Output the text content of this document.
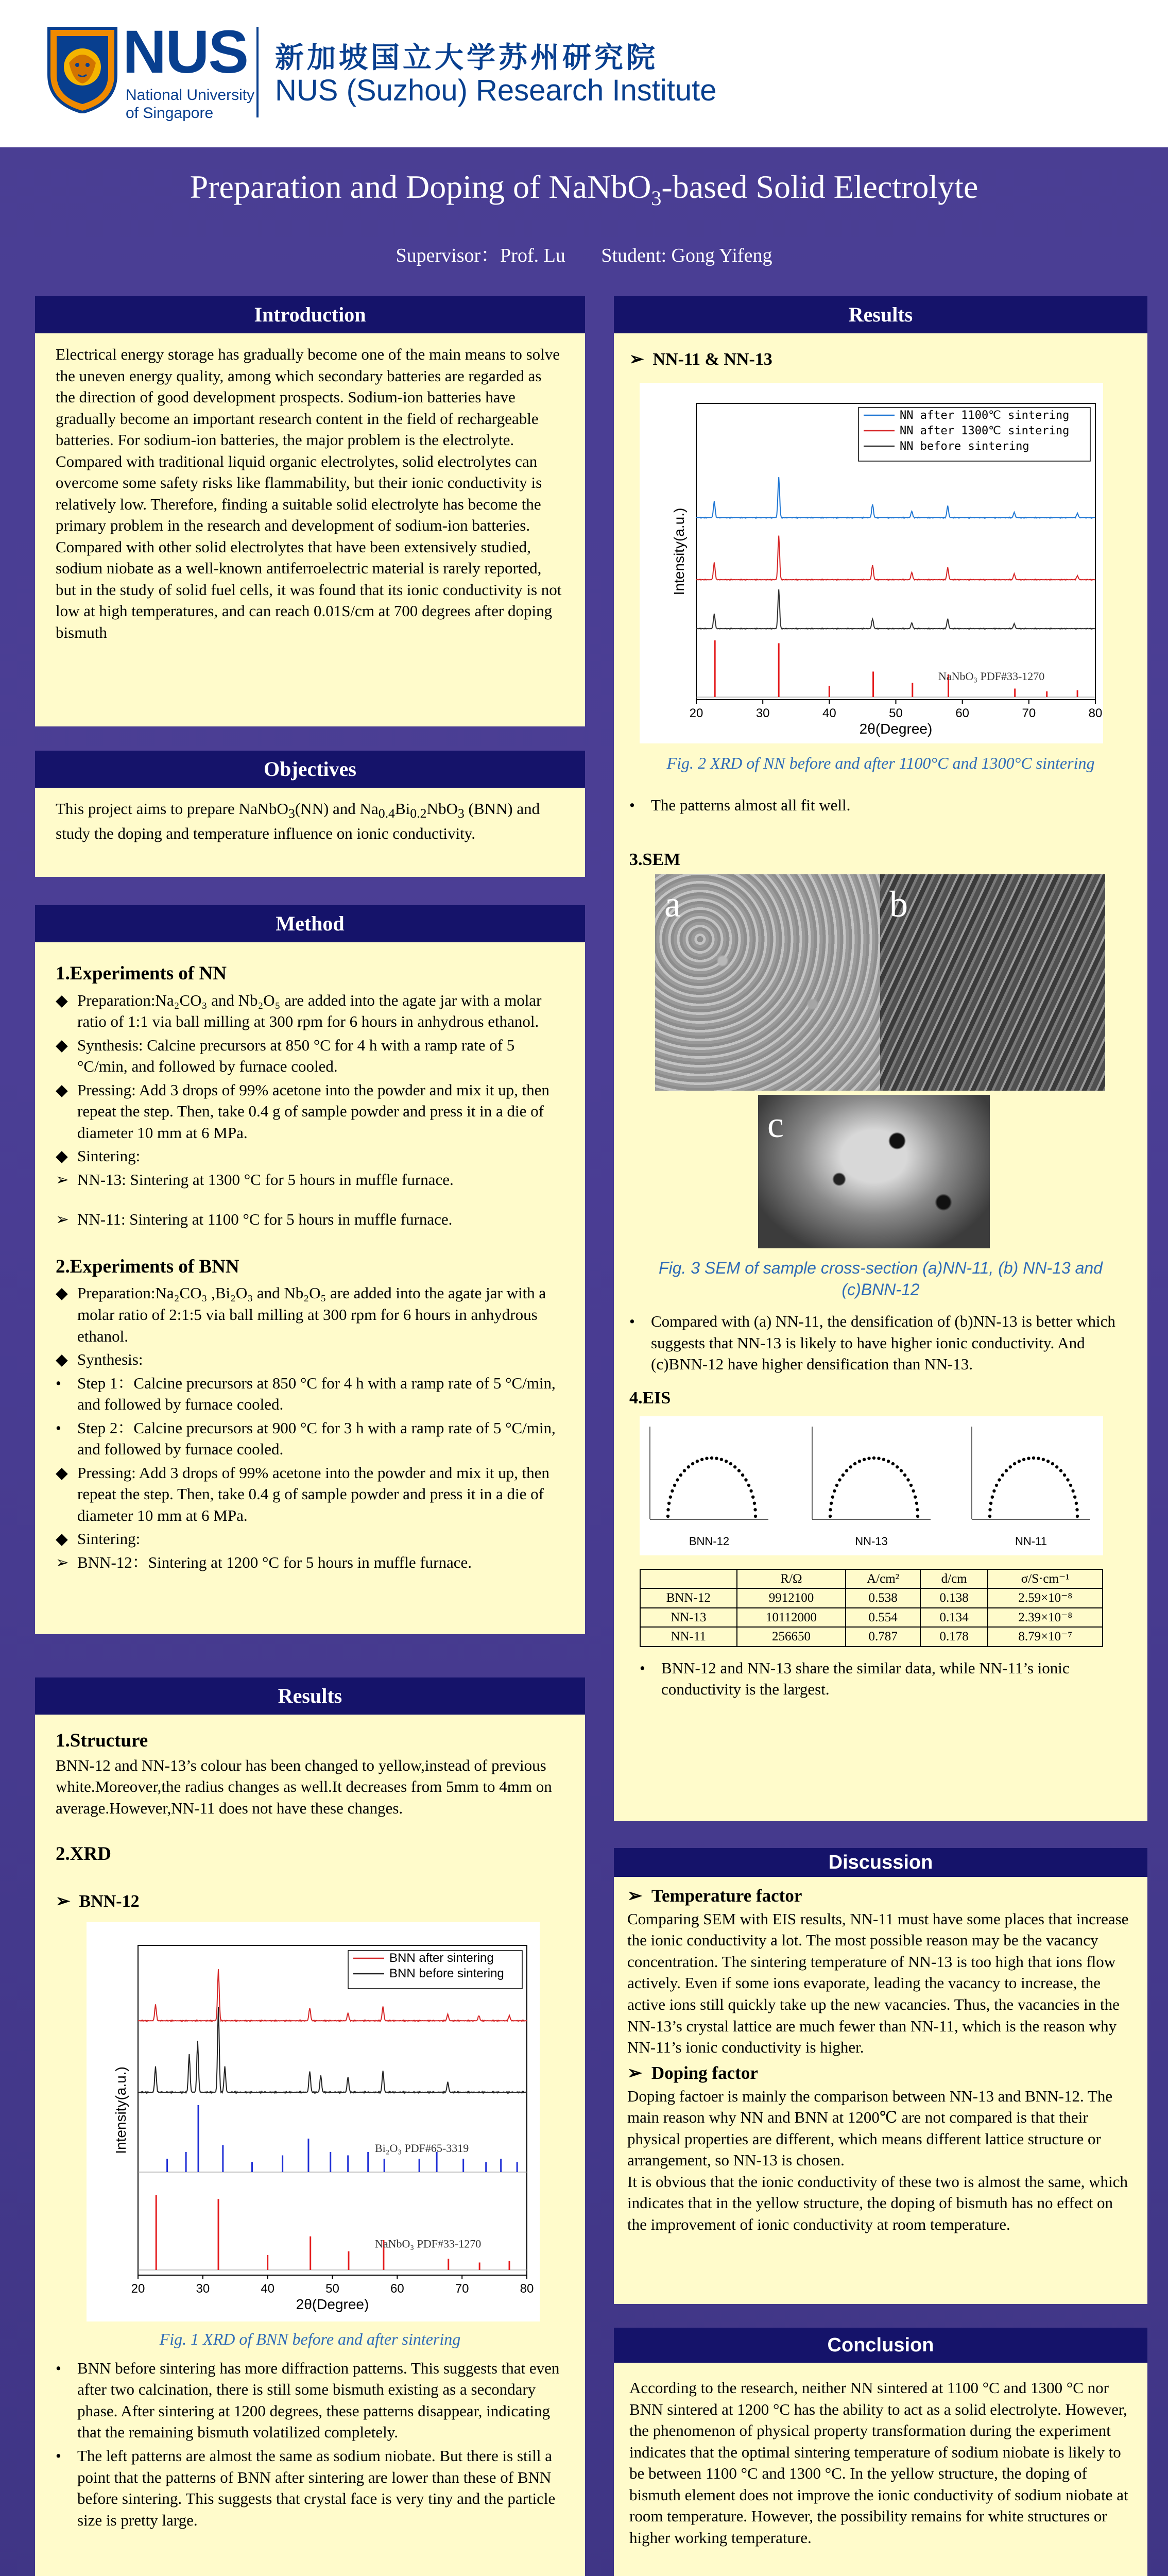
NUS
National University
of Singapore
新加坡国立大学苏州研究院
NUS (Suzhou) Research Institute
Preparation and Doping of NaNbO$_3$-based Solid Electrolyte
Supervisor：Prof. Lu Student: Gong Yifeng
Introduction

Electrical energy storage has gradually become one of the main means to solve the uneven energy quality, among which secondary batteries are regarded as the direction of good development prospects. Sodium-ion batteries have gradually become an important research content in the field of rechargeable batteries. For sodium-ion batteries, the major problem is the electrolyte. Compared with traditional liquid organic electrolytes, solid electrolytes can overcome some safety risks like flammability, but their ionic conductivity is relatively low. Therefore, finding a suitable solid electrolyte has become the primary problem in the research and development of sodium-ion batteries. Compared with other solid electrolytes that have been extensively studied, sodium niobate as a well-known antiferroelectric material is rarely reported, but in the study of solid fuel cells, it was found that its ionic conductivity is not low at high temperatures, and can reach 0.01S/cm at 700 degrees after doping bismuth

Objectives

This project aims to prepare NaNbO$_3$(NN) and $Na_{0.4}Bi_{0.2}NbO_3$ (BNN) and study the doping and temperature influence on ionic conductivity.

Method
1.Experiments of NN
◆ Preparation:Na₂CO₃ and Nb₂O₅ are added into the agate jar with a molar ratio of 1:1 via ball milling at 300 rpm for 6 hours in anhydrous ethanol.
◆ Synthesis: Calcine precursors at 850 °C for 4 h with a ramp rate of 5 °C/min, and followed by furnace cooled.
◆ Pressing: Add 3 drops of 99% acetone into the powder and mix it up, then repeat the step. Then, take 0.4 g of sample powder and press it in a die of diameter 10 mm at 6 MPa.
◆ Sintering:
➢ NN-13: Sintering at 1300 °C for 5 hours in muffle furnace.
➢ NN-11: Sintering at 1100 °C for 5 hours in muffle furnace.
2.Experiments of BNN
◆ Preparation:Na₂CO₃ ,Bi₂O₃ and Nb₂O₅ are added into the agate jar with a molar ratio of 2:1:5 via ball milling at 300 rpm for 6 hours in anhydrous ethanol.
◆ Synthesis:
• Step 1：Calcine precursors at 850 °C for 4 h with a ramp rate of 5 °C/min, and followed by furnace cooled.
• Step 2：Calcine precursors at 900 °C for 3 h with a ramp rate of 5 °C/min, and followed by furnace cooled.
◆ Pressing: Add 3 drops of 99% acetone into the powder and mix it up, then repeat the step. Then, take 0.4 g of sample powder and press it in a die of diameter 10 mm at 6 MPa.
◆ Sintering:
➢ BNN-12：Sintering at 1200 °C for 5 hours in muffle furnace.
Results
1.Structure

BNN-12 and NN-13’s colour has been changed to yellow,instead of previous white.Moreover,the radius changes as well.It decreases from 5mm to 4mm on average.However,NN-11 does not have these changes.

2.XRD
➢  BNN-12
20	30	40	50	60	70	80
2θ(Degree)
Intensity(a.u.)	Bi₂O₃ PDF#65-3319
NaNbO₃ PDF#33-1270
BNN after sintering
BNN before sintering
Fig. 1 XRD of BNN before and after sintering
• BNN before sintering has more diffraction patterns. This suggests that even after two calcination, there is still some bismuth existing as a secondary phase. After sintering at 1200 degrees, these patterns disappear, indicating that the remaining bismuth volatilized completely.
• The left patterns are almost the same as sodium niobate. But there is still a point that the patterns of BNN after sintering are lower than these of BNN before sintering. This suggests that crystal face is very tiny and the particle size is pretty large.
Results
➢  NN-11 & NN-13
20	30	40	50	60	70	80
2θ(Degree)
Intensity(a.u.)
NaNbO₃ PDF#33-1270
NN after 1100℃ sintering
NN after 1300℃ sintering
NN before sintering
Fig. 2 XRD of NN before and after 1100°C and 1300°C sintering
• The patterns almost all fit well.
3.SEM
a	b
c
Fig. 3 SEM of sample cross-section (a)NN-11, (b) NN-13 and (c)BNN-12
• Compared with (a) NN-11, the densification of (b)NN-13 is better which suggests that NN-13 is likely to have higher ionic conductivity. And (c)BNN-12 have higher densification than NN-13.
4.EIS
BNN-12	NN-13	NN-11
	R/Ω	A/cm²	d/cm	σ/S·cm⁻¹
BNN-12	9912100	0.538	0.138	2.59×10⁻⁸
NN-13	10112000	0.554	0.134	2.39×10⁻⁸
NN-11	256650	0.787	0.178	8.79×10⁻⁷
• BNN-12 and NN-13 share the similar data, while NN-11’s ionic conductivity is the largest.
Discussion
➢  Temperature factor

Comparing SEM with EIS results, NN-11 must have some places that increase the ionic conductivity a lot. The most possible reason may be the vacancy concentration. The sintering temperature of NN-13 is too high that ions flow actively. Even if some ions evaporate, leading the vacancy to increase, the active ions still quickly take up the new vacancies. Thus, the vacancies in the NN-13’s crystal lattice are much fewer than NN-11, which is the reason why NN-11’s ionic conductivity is higher.

➢  Doping factor

Doping factoer is mainly the comparison between NN-13 and BNN-12. The main reason why NN and BNN at 1200℃ are not compared is that their physical properties are different, which means different lattice structure or arrangement, so NN-13 is chosen.

It is obvious that the ionic conductivity of these two is almost the same, which indicates that in the yellow structure, the doping of bismuth has no effect on the improvement of ionic conductivity at room temperature.

Conclusion

According to the research, neither NN sintered at 1100 °C and 1300 °C nor BNN sintered at 1200 °C has the ability to act as a solid electrolyte. However, the phenomenon of physical property transformation during the experiment indicates that the optimal sintering temperature of sodium niobate is likely to be between 1100 °C and 1300 °C. In the yellow structure, the doping of bismuth element does not improve the ionic conductivity of sodium niobate at room temperature. However, the possibility remains for white structures or higher working temperature.
